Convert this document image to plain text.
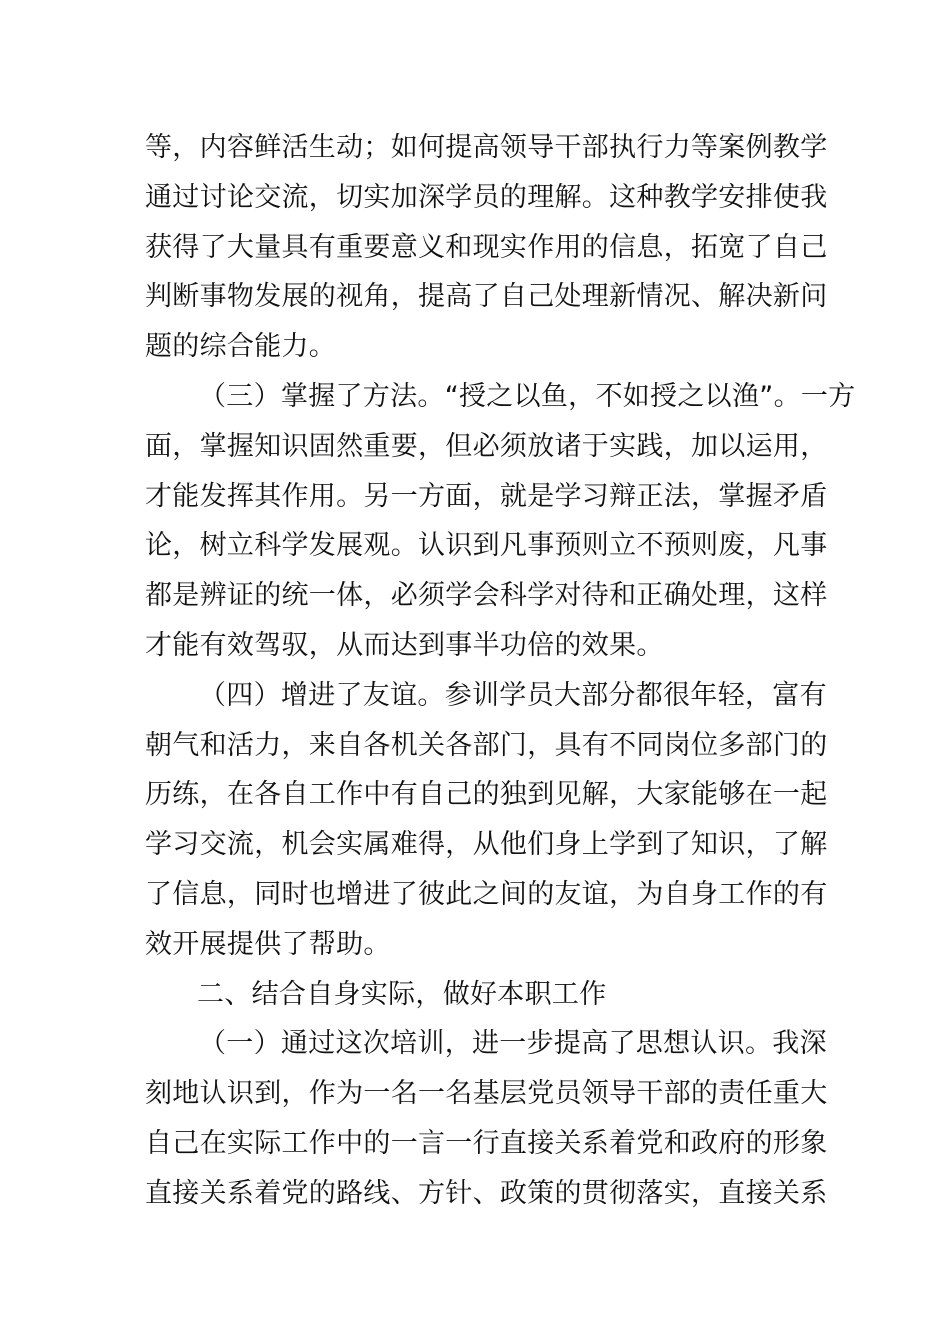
等，内容鲜活生动；如何提高领导干部执行力等案例教学
通过讨论交流，切实加深学员的理解。这种教学安排使我
获得了大量具有重要意义和现实作用的信息，拓宽了自己
判断事物发展的视角，提高了自己处理新情况、解决新问
题的综合能力。
（三）掌握了方法。“授之以鱼，不如授之以渔”。一方
面，掌握知识固然重要，但必须放诸于实践，加以运用，
才能发挥其作用。另一方面，就是学习辩正法，掌握矛盾
论，树立科学发展观。认识到凡事预则立不预则废，凡事
都是辨证的统一体，必须学会科学对待和正确处理，这样
才能有效驾驭，从而达到事半功倍的效果。
（四）增进了友谊。参训学员大部分都很年轻，富有
朝气和活力，来自各机关各部门，具有不同岗位多部门的
历练，在各自工作中有自己的独到见解，大家能够在一起
学习交流，机会实属难得，从他们身上学到了知识，了解
了信息，同时也增进了彼此之间的友谊，为自身工作的有
效开展提供了帮助。
二、结合自身实际，做好本职工作
（一）通过这次培训，进一步提高了思想认识。我深
刻地认识到，作为一名一名基层党员领导干部的责任重大
自己在实际工作中的一言一行直接关系着党和政府的形象
直接关系着党的路线、方针、政策的贯彻落实，直接关系
